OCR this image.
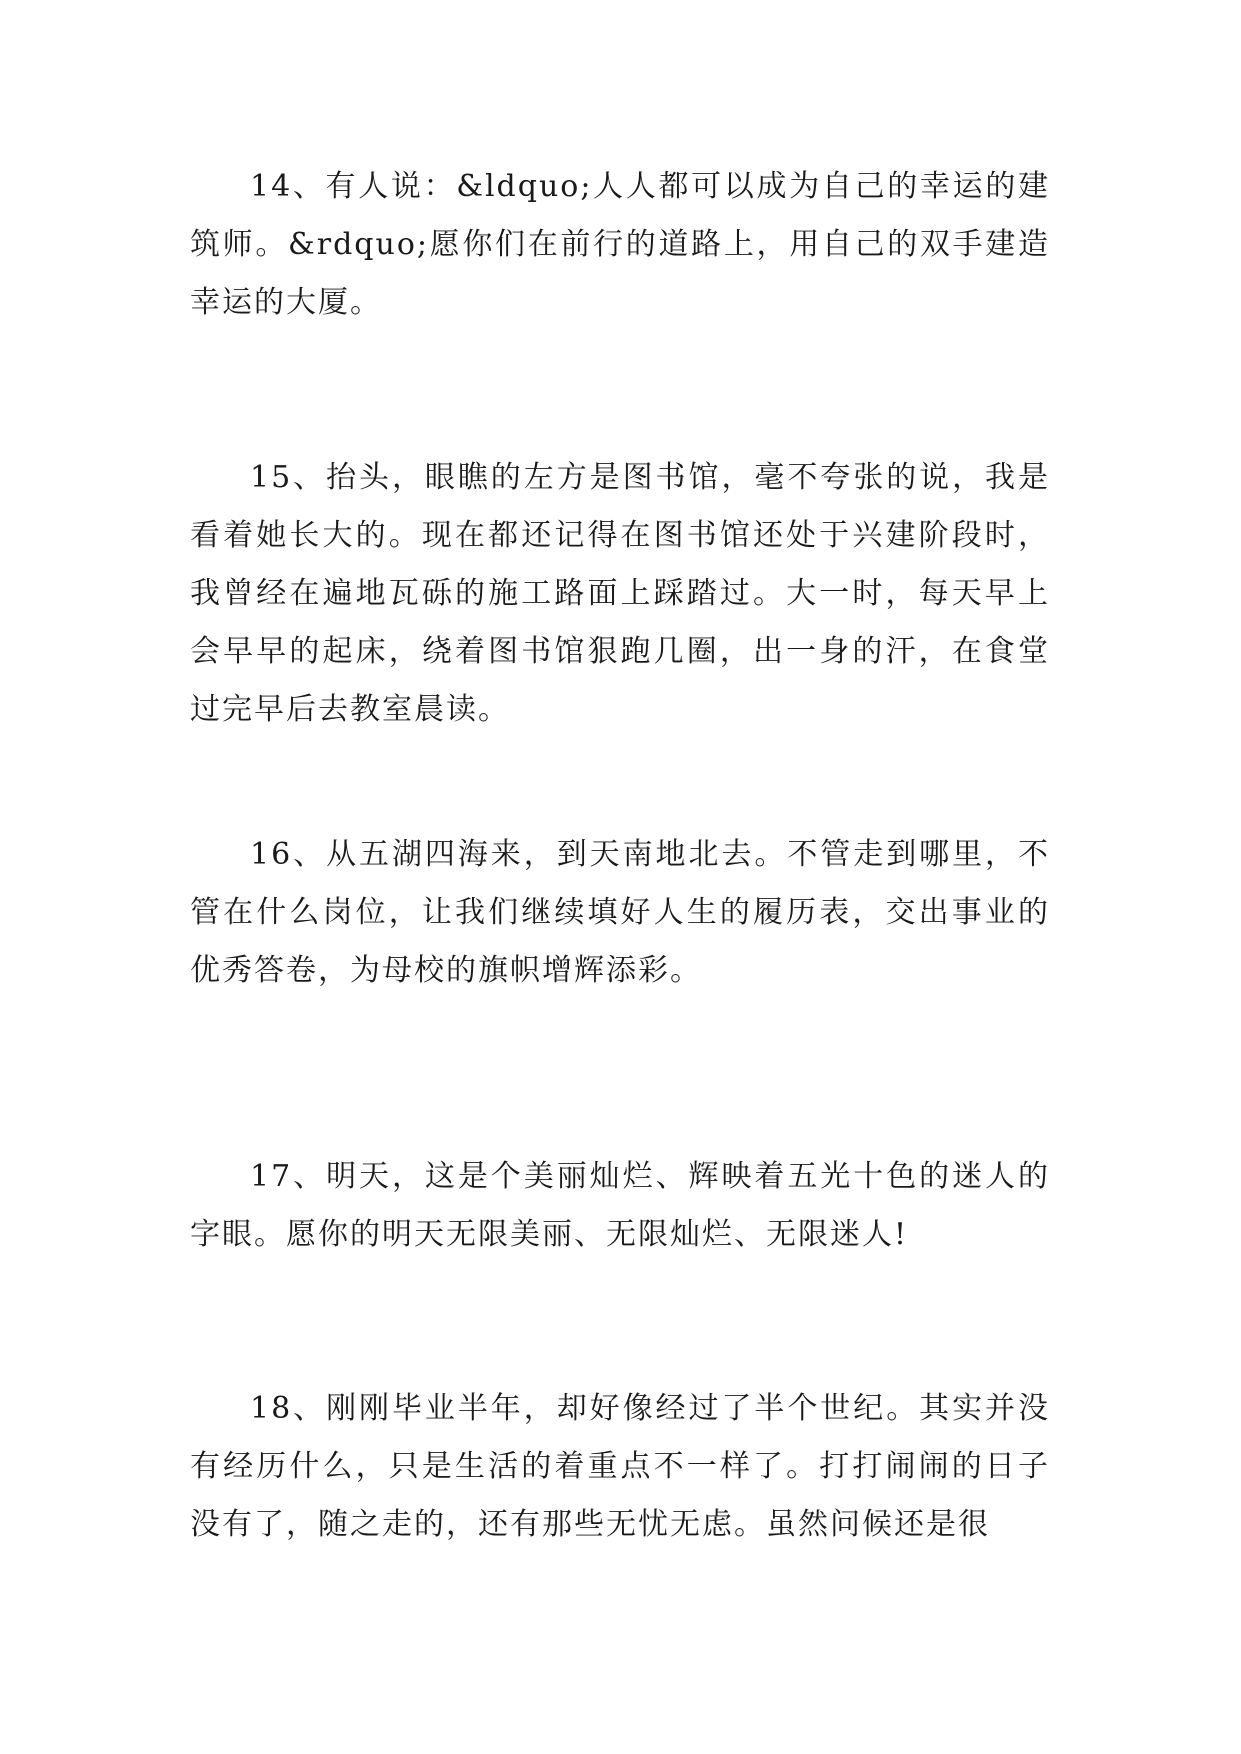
14、有人说：&ldquo;人人都可以成为自己的幸运的建筑师。&rdquo;愿你们在前行的道路上，用自己的双手建造幸运的大厦。

15、抬头，眼瞧的左方是图书馆，毫不夸张的说，我是看着她长大的。现在都还记得在图书馆还处于兴建阶段时，我曾经在遍地瓦砾的施工路面上踩踏过。大一时，每天早上会早早的起床，绕着图书馆狠跑几圈，出一身的汗，在食堂过完早后去教室晨读。

16、从五湖四海来，到天南地北去。不管走到哪里，不管在什么岗位，让我们继续填好人生的履历表，交出事业的优秀答卷，为母校的旗帜增辉添彩。

17、明天，这是个美丽灿烂、辉映着五光十色的迷人的字眼。愿你的明天无限美丽、无限灿烂、无限迷人!

18、刚刚毕业半年，却好像经过了半个世纪。其实并没有经历什么，只是生活的着重点不一样了。打打闹闹的日子没有了，随之走的，还有那些无忧无虑。虽然问候还是很
